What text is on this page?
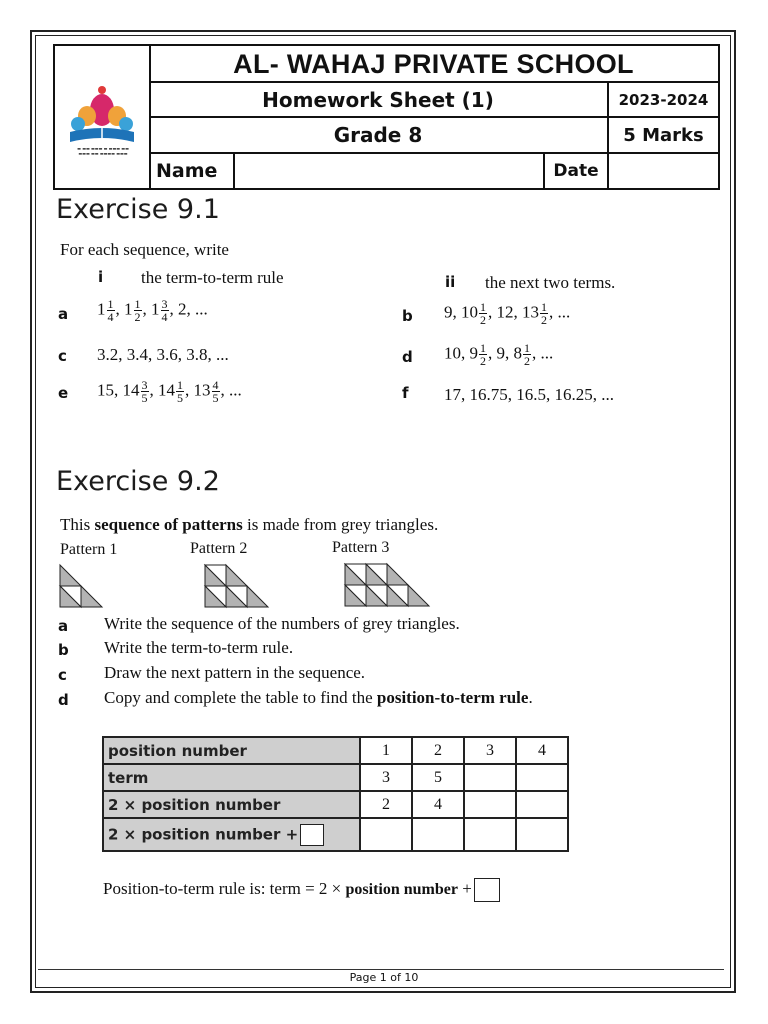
▬ ▬▬ ▬▬▬ ▬ ▬▬▬ ▬▬
▬▬▬ ▬▬ ▬▬▬▬ ▬▬▬
AL- WAHAJ PRIVATE SCHOOL
Homework Sheet (1)	2023-2024
Grade 8	5 Marks
Name	Date
Exercise 9.1
For each sequence, write
i the term-to-term rule	ii the next two terms.
a $1 \frac{1}{4}$ , $1 \frac{1}{2}$ , $1 \frac{3}{4}$ , 2, ...	b 9, $10 \frac{1}{2}$ , 12, $13 \frac{1}{2}$ , ...
c 3.2, 3.4, 3.6, 3.8, ...	d 10, $9 \frac{1}{2}$ , 9, $8 \frac{1}{2}$ , ...
e 15, $14 \frac{3}{5}$ , $14 \frac{1}{5}$ , $13 \frac{4}{5}$ , ...	f 17, 16.75, 16.5, 16.25, ...
Exercise 9.2
This sequence of patterns is made from grey triangles.
Pattern 1	Pattern 2	Pattern 3
a Write the sequence of the numbers of grey triangles.
b Write the term-to-term rule.
c Draw the next pattern in the sequence.
d Copy and complete the table to find the position-to-term rule.
position number	1	2	3	4
term	3	5		
2 × position number	2	4		
2 × position number +				
Position-to-term rule is: term = 2 × position number +
Page 1 of 10
